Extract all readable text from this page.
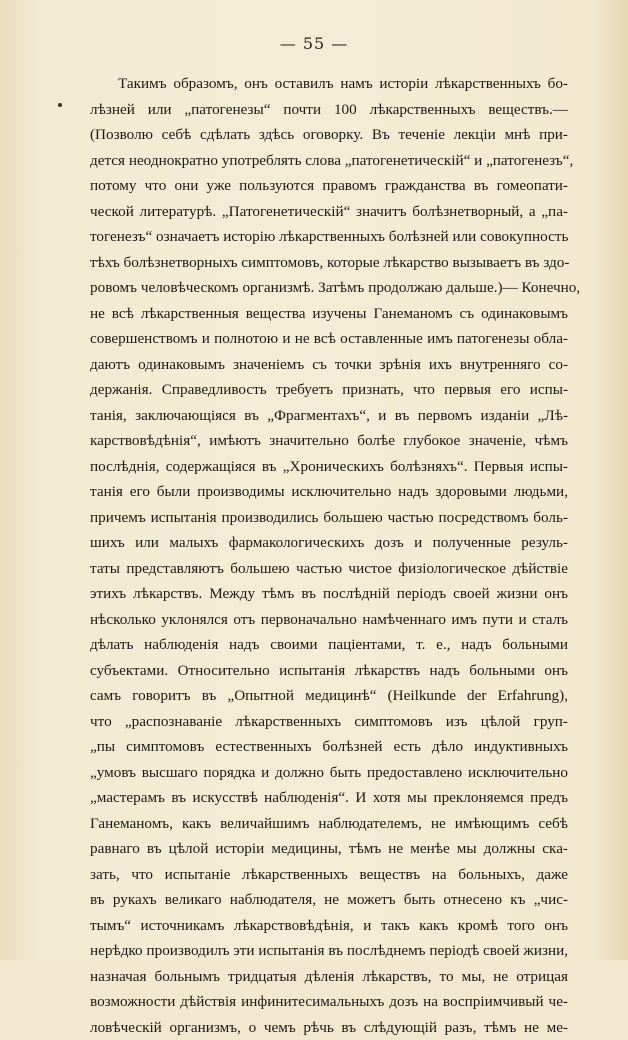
— 55 —
Такимъ образомъ, онъ оставилъ намъ исторіи лѣкарственныхъ бо-
лѣзней или „патогенезы“ почти 100 лѣкарственныхъ веществъ.—
(Позволю себѣ сдѣлать здѣсь оговорку. Въ теченіе лекціи мнѣ при-
дется неоднократно употреблять слова „патогенетическій“ и „патогенезъ“,
потому что они уже пользуются правомъ гражданства въ гомеопати-
ческой литературѣ. „Патогенетическій“ значитъ болѣзнетворный, а „па-
тогенезъ“ означаетъ исторію лѣкарственныхъ болѣзней или совокупность
тѣхъ болѣзнетворныхъ симптомовъ, которые лѣкарство вызываетъ въ здо-
ровомъ человѣческомъ организмѣ. Затѣмъ продолжаю дальше.)— Конечно,
не всѣ лѣкарственныя вещества изучены Ганеманомъ съ одинаковымъ
совершенствомъ и полнотою и не всѣ оставленные имъ патогенезы обла-
даютъ одинаковымъ значеніемъ съ точки зрѣнія ихъ внутренняго со-
держанія. Справедливость требуетъ признать, что первыя его испы-
танія, заключающіяся въ „Фрагментахъ“, и въ первомъ изданіи „Лѣ-
карствовѣдѣнія“, имѣютъ значительно болѣе глубокое значеніе, чѣмъ
послѣднія, содержащіяся въ „Хроническихъ болѣзняхъ“. Первыя испы-
танія его были производимы исключительно надъ здоровыми людьми,
причемъ испытанія производились большею частью посредствомъ боль-
шихъ или малыхъ фармакологическихъ дозъ и полученные резуль-
таты представляютъ большею частью чистое физіологическое дѣйствіе
этихъ лѣкарствъ. Между тѣмъ въ послѣдній періодъ своей жизни онъ
нѣсколько уклонялся отъ первоначально намѣченнаго имъ пути и сталъ
дѣлать наблюденія надъ своими паціентами, т. е., надъ больными
субъектами. Относительно испытанія лѣкарствъ надъ больными онъ
самъ говоритъ въ „Опытной медицинѣ“ (Heilkunde der Erfahrung),
что „распознаваніе лѣкарственныхъ симптомовъ изъ цѣлой груп-
„пы симптомовъ естественныхъ болѣзней есть дѣло индуктивныхъ
„умовъ высшаго порядка и должно быть предоставлено исключительно
„мастерамъ въ искусствѣ наблюденія“. И хотя мы преклоняемся предъ
Ганеманомъ, какъ величайшимъ наблюдателемъ, не имѣющимъ себѣ
равнаго въ цѣлой исторіи медицины, тѣмъ не менѣе мы должны ска-
зать, что испытаніе лѣкарственныхъ веществъ на больныхъ, даже
въ рукахъ великаго наблюдателя, не можетъ быть отнесено къ „чис-
тымъ“ источникамъ лѣкарствовѣдѣнія, и такъ какъ кромѣ того онъ
нерѣдко производилъ эти испытанія въ послѣднемъ періодѣ своей жизни,
назначая больнымъ тридцатыя дѣленія лѣкарствъ, то мы, не отрицая
возможности дѣйствія инфинитесимальныхъ дозъ на воспріимчивый че-
ловѣческій организмъ, о чемъ рѣчь въ слѣдующій разъ, тѣмъ не ме-
